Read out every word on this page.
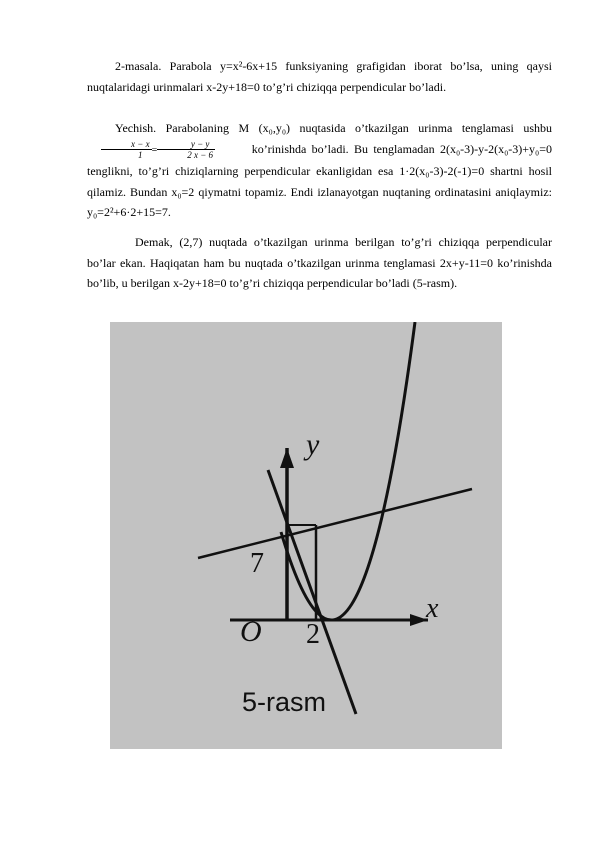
2-masala. Parabola y=x²-6x+15 funksiyaning grafigidan iborat bo’lsa, uning qaysi nuqtalaridagi urinmalari x-2y+18=0 to’g’ri chiziqqa perpendicular bo’ladi.
Yechish. Parabolaning M (x₀,y₀) nuqtasida o’tkazilgan urinma tenglamasi ushbu
$\frac{x - x}{1} = \frac{y - y}{2 x - 6}$	ko’rinishda bo’ladi. Bu tenglamadan 2(x₀-3)-y-2(x₀-3)+y₀=0 tenglikni, to’g’ri chiziqlarning perpendicular ekanligidan esa 1·2(x₀-3)-2(-1)=0 shartni hosil qilamiz. Bundan x₀=2 qiymatni topamiz. Endi izlanayotgan nuqtaning ordinatasini aniqlaymiz: y₀=2²+6·2+15=7.
Demak, (2,7) nuqtada o’tkazilgan urinma berilgan to’g’ri chiziqqa perpendicular bo’lar ekan. Haqiqatan ham bu nuqtada o’tkazilgan urinma tenglamasi 2x+y-11=0 ko’rinishda bo’lib, u berilgan x-2y+18=0 to’g’ri chiziqqa perpendicular bo’ladi (5-rasm).
y
x
O 2
7
5-rasm
